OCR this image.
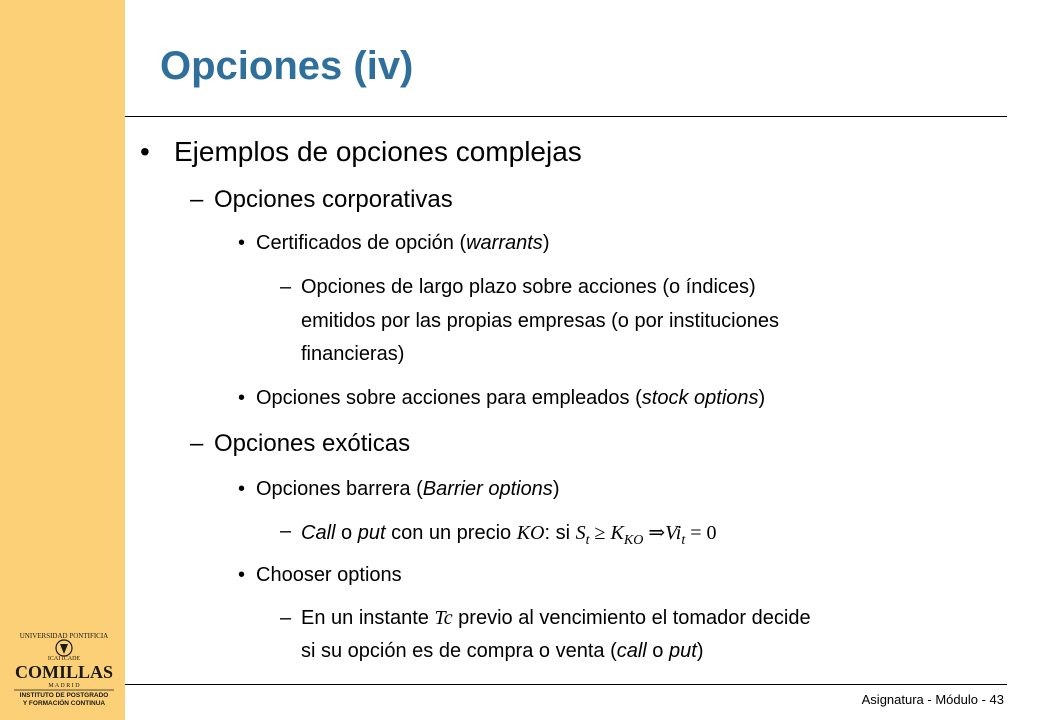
UNIVERSIDAD PONTIFICIA
ICAI ICADE
COMILLAS
M A D R I D
INSTITUTO DE POSTGRADO
Y FORMACIÓN CONTINUA
Opciones (iv)
• Ejemplos de opciones complejas
– Opciones corporativas
• Certificados de opción (warrants)
– Opciones de largo plazo sobre acciones (o índices)
emitidos por las propias empresas (o por instituciones
financieras)
• Opciones sobre acciones para empleados (stock options)
– Opciones exóticas
• Opciones barrera (Barrier options)
– Call o put con un precio KO: si $S_t \ge K_{KO}$ $\Rightarrow Vi_t = 0$
• Chooser options
– En un instante Tc previo al vencimiento el tomador decide
si su opción es de compra o venta (call o put)
Asignatura - Módulo - 43
